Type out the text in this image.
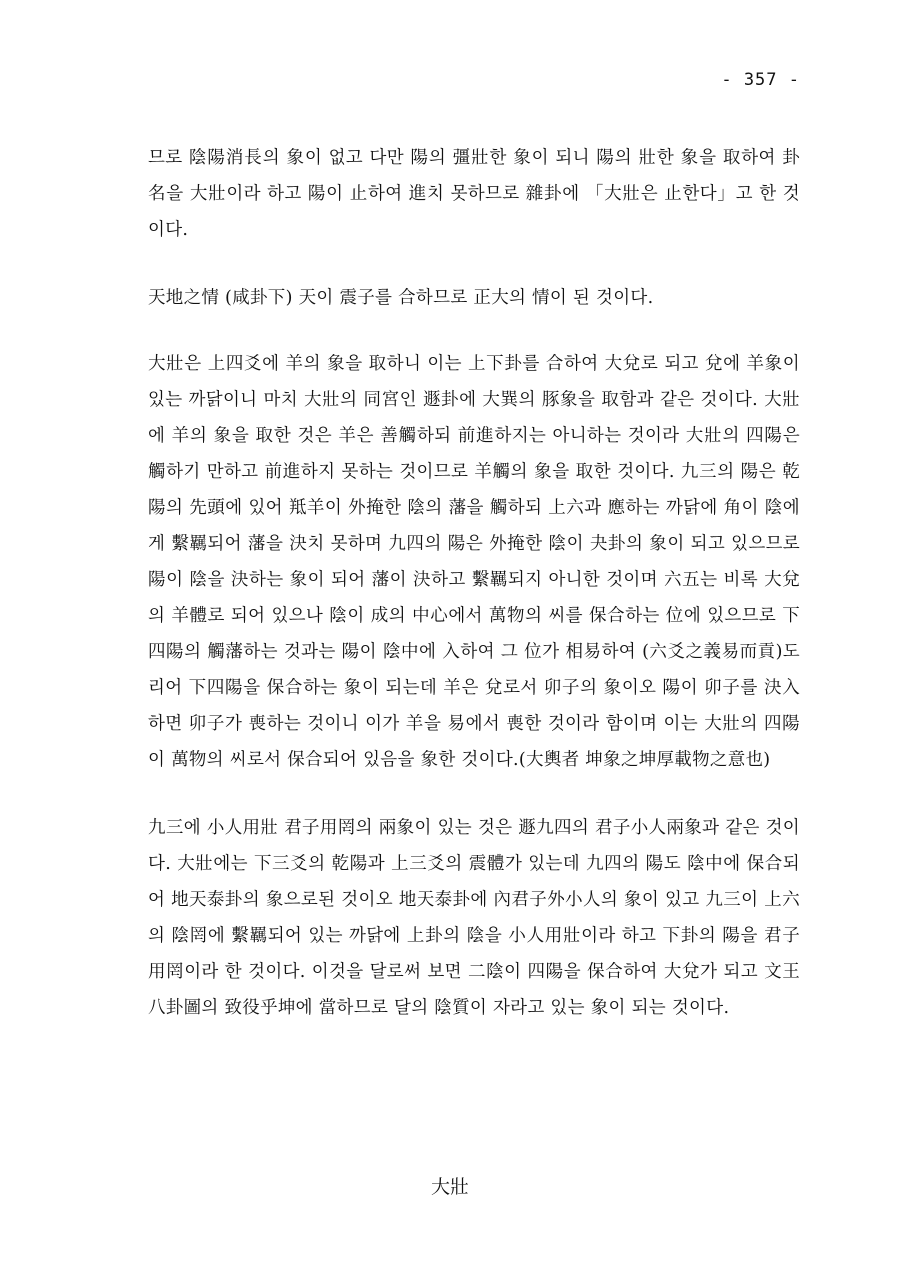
- 357 -

므로 陰陽消長의 象이 없고 다만 陽의 彊壯한 象이 되니 陽의 壯한 象을 取하여 卦名을 大壯이라 하고 陽이 止하여 進치 못하므로 雜卦에 「大壯은 止한다」고 한 것이다.

天地之情 (咸卦下) 天이 震子를 合하므로 正大의 情이 된 것이다.

大壯은 上四爻에 羊의 象을 取하니 이는 上下卦를 合하여 大兌로 되고 兌에 羊象이 있는 까닭이니 마치 大壯의 同宮인 遯卦에 大巽의 豚象을 取함과 같은 것이다. 大壯에 羊의 象을 取한 것은 羊은 善觸하되 前進하지는 아니하는 것이라 大壯의 四陽은 觸하기 만하고 前進하지 못하는 것이므로 羊觸의 象을 取한 것이다. 九三의 陽은 乾陽의 先頭에 있어 羝羊이 外掩한 陰의 藩을 觸하되 上六과 應하는 까닭에 角이 陰에게 繫羈되어 藩을 決치 못하며 九四의 陽은 外掩한 陰이 夬卦의 象이 되고 있으므로 陽이 陰을 決하는 象이 되어 藩이 決하고 繫羈되지 아니한 것이며 六五는 비록 大兌의 羊體로 되어 있으나 陰이 成의 中心에서 萬物의 씨를 保合하는 位에 있으므로 下四陽의 觸藩하는 것과는 陽이 陰中에 入하여 그 位가 相易하여 (六爻之義易而貢)도리어 下四陽을 保合하는 象이 되는데 羊은 兌로서 卯子의 象이오 陽이 卯子를 決入하면 卯子가 喪하는 것이니 이가 羊을 易에서 喪한 것이라 함이며 이는 大壯의 四陽이 萬物의 씨로서 保合되어 있음을 象한 것이다.(大輿者 坤象之坤厚載物之意也)

九三에 小人用壯 君子用罔의 兩象이 있는 것은 遯九四의 君子小人兩象과 같은 것이다. 大壯에는 下三爻의 乾陽과 上三爻의 震體가 있는데 九四의 陽도 陰中에 保合되어 地天泰卦의 象으로된 것이오 地天泰卦에 內君子外小人의 象이 있고 九三이 上六의 陰罔에 繫羈되어 있는 까닭에 上卦의 陰을 小人用壯이라 하고 下卦의 陽을 君子用罔이라 한 것이다. 이것을 달로써 보면 二陰이 四陽을 保合하여 大兌가 되고 文王八卦圖의 致役乎坤에 當하므로 달의 陰質이 자라고 있는 象이 되는 것이다.

大壯
